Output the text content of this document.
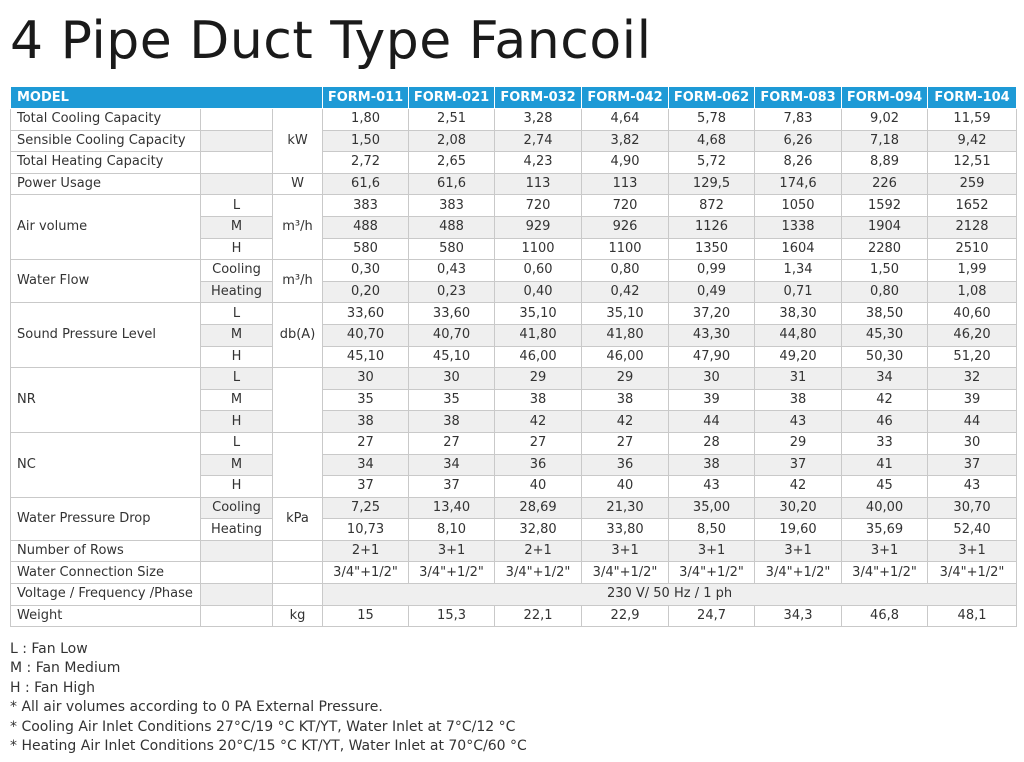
4 Pipe Duct Type Fancoil
MODEL			FORM-011	FORM-021	FORM-032	FORM-042	FORM-062	FORM-083	FORM-094	FORM-104
Total Cooling Capacity		kW	1,80	2,51	3,28	4,64	5,78	7,83	9,02	11,59
Sensible Cooling Capacity			1,50	2,08	2,74	3,82	4,68	6,26	7,18	9,42
Total Heating Capacity			2,72	2,65	4,23	4,90	5,72	8,26	8,89	12,51
Power Usage		W	61,6	61,6	113	113	129,5	174,6	226	259
Air volume	L	m³/h	383	383	720	720	872	1050	1592	1652
	M		488	488	929	926	1126	1338	1904	2128
	H		580	580	1100	1100	1350	1604	2280	2510
Water Flow	Cooling	m³/h	0,30	0,43	0,60	0,80	0,99	1,34	1,50	1,99
	Heating		0,20	0,23	0,40	0,42	0,49	0,71	0,80	1,08
Sound Pressure Level	L	db(A)	33,60	33,60	35,10	35,10	37,20	38,30	38,50	40,60
	M		40,70	40,70	41,80	41,80	43,30	44,80	45,30	46,20
	H		45,10	45,10	46,00	46,00	47,90	49,20	50,30	51,20
NR	L		30	30	29	29	30	31	34	32
	M		35	35	38	38	39	38	42	39
	H		38	38	42	42	44	43	46	44
NC	L		27	27	27	27	28	29	33	30
	M		34	34	36	36	38	37	41	37
	H		37	37	40	40	43	42	45	43
Water Pressure Drop	Cooling	kPa	7,25	13,40	28,69	21,30	35,00	30,20	40,00	30,70
	Heating		10,73	8,10	32,80	33,80	8,50	19,60	35,69	52,40
Number of Rows			2+1	3+1	2+1	3+1	3+1	3+1	3+1	3+1
Water Connection Size			3/4"+1/2"	3/4"+1/2"	3/4"+1/2"	3/4"+1/2"	3/4"+1/2"	3/4"+1/2"	3/4"+1/2"	3/4"+1/2"
Voltage / Frequency /Phase			230 V/ 50 Hz / 1 ph							
Weight		kg	15	15,3	22,1	22,9	24,7	34,3	46,8	48,1
L : Fan Low
M : Fan Medium
H : Fan High
* All air volumes according to 0 PA External Pressure.
* Cooling Air Inlet Conditions 27°C/19 °C KT/YT, Water Inlet at 7°C/12 °C
* Heating Air Inlet Conditions 20°C/15 °C KT/YT, Water Inlet at 70°C/60 °C
